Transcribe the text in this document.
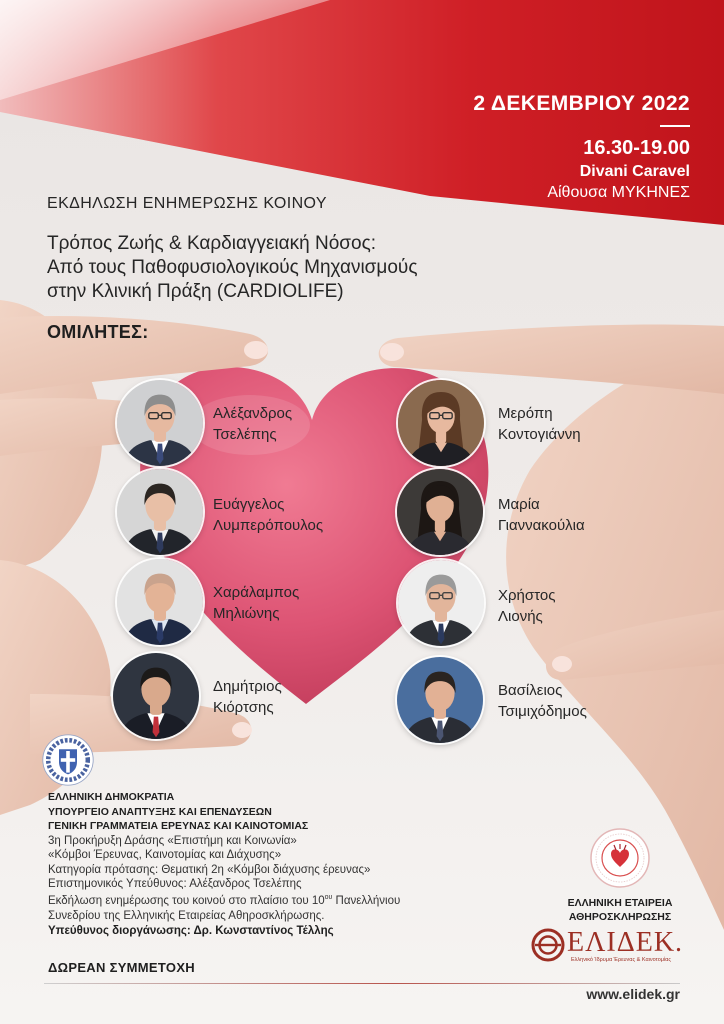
2 ΔΕΚΕΜΒΡΙΟΥ 2022
16.30-19.00
Divani Caravel
Αίθουσα ΜΥΚΗΝΕΣ
ΕΚΔΗΛΩΣΗ ΕΝΗΜΕΡΩΣΗΣ ΚΟΙΝΟΥ
Τρόπος Ζωής & Καρδιαγγειακή Νόσος:
Από τους Παθοφυσιολογικούς Μηχανισμούς
στην Κλινική Πράξη (CARDIOLIFE)
ΟΜΙΛΗΤΕΣ:
Αλέξανδρος
Τσελέπης
Ευάγγελος
Λυμπερόπουλος
Χαράλαμπος
Μηλιώνης
Δημήτριος
Κιόρτσης
Μερόπη
Κοντογιάννη
Μαρία
Γιαννακούλια
Χρήστος
Λιονής
Βασίλειος
Τσιμιχόδημος
ΕΛΛΗΝΙΚΗ ΔΗΜΟΚΡΑΤΙΑ
ΥΠΟΥΡΓΕΙΟ ΑΝΑΠΤΥΞΗΣ ΚΑΙ ΕΠΕΝΔΥΣΕΩΝ
ΓΕΝΙΚΗ ΓΡΑΜΜΑΤΕΙΑ ΕΡΕΥΝΑΣ ΚΑΙ ΚΑΙΝΟΤΟΜΙΑΣ
3η Προκήρυξη Δράσης «Επιστήμη και Κοινωνία»
«Κόμβοι Έρευνας, Καινοτομίας και Διάχυσης»
Κατηγορία πρότασης: Θεματική 2η «Κόμβοι διάχυσης έρευνας»
Επιστημονικός Υπεύθυνος: Αλέξανδρος Τσελέπης
Εκδήλωση ενημέρωσης του κοινού στο πλαίσιο του $10^{o\upsilon}$ Πανελλήνιου
Συνεδρίου της Ελληνικής Εταιρείας Αθηροσκλήρωσης.
Υπεύθυνος διοργάνωσης: Δρ. Κωνσταντίνος Τέλλης
ΔΩΡΕΑΝ ΣΥΜΜΕΤΟΧΗ
www.elidek.gr
ΕΛΛΗΝΙΚΗ ΕΤΑΙΡΕΙΑ
ΑΘΗΡΟΣΚΛΗΡΩΣΗΣ
ΕΛΙΔΕΚ.
Ελληνικό Ίδρυμα Έρευνας & Καινοτομίας
